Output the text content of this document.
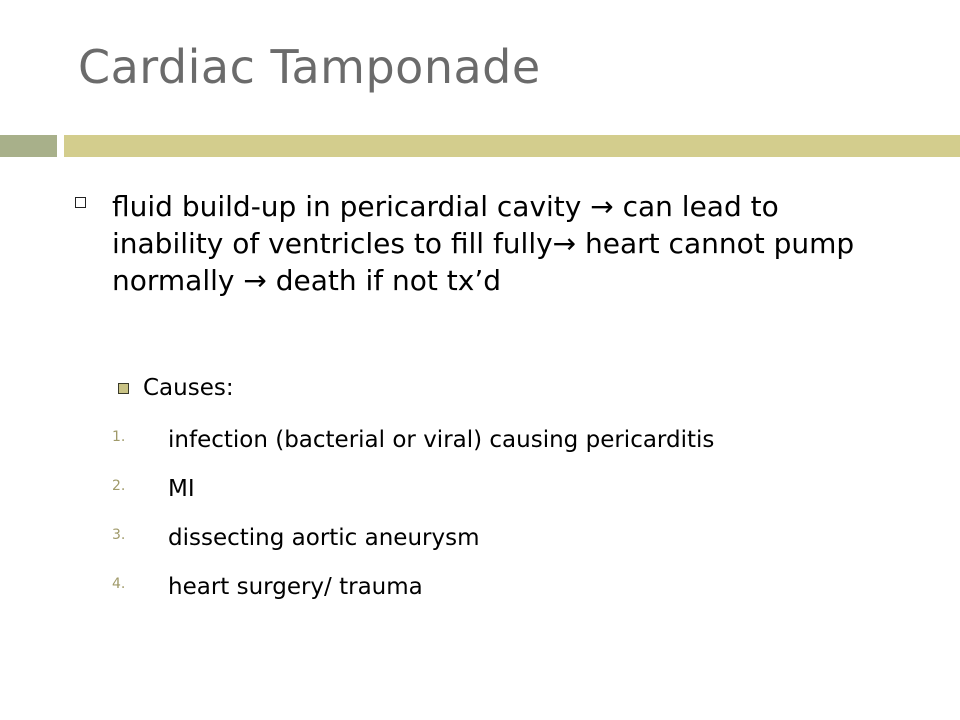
Cardiac Tamponade
fluid build-up in pericardial cavity → can lead to inability of ventricles to fill fully→ heart cannot pump normally → death if not tx’d
Causes:
1. infection (bacterial or viral) causing pericarditis
2. MI
3. dissecting aortic aneurysm
4. heart surgery/ trauma
